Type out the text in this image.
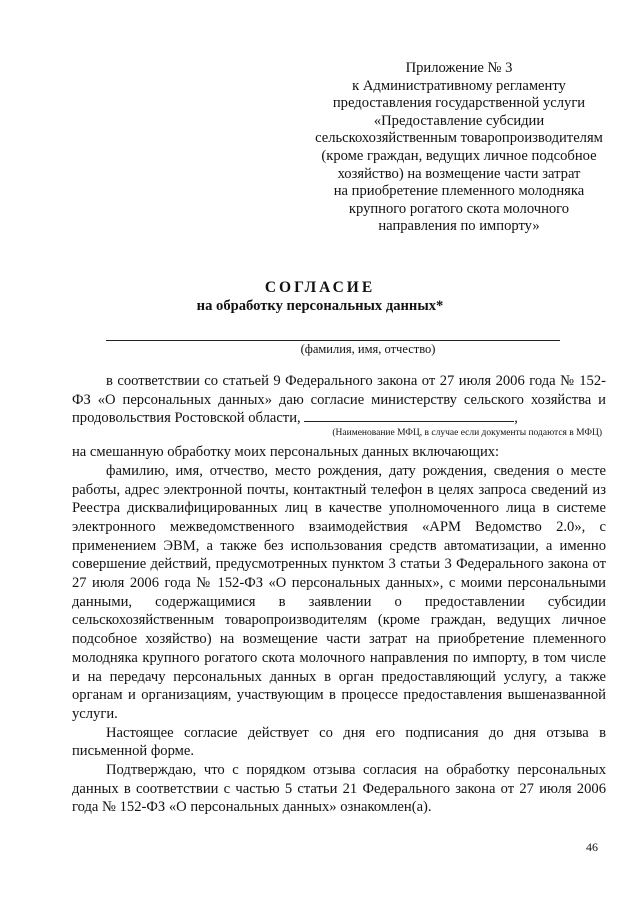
Приложение № 3
к Административному регламенту
предоставления государственной услуги
«Предоставление субсидии
сельскохозяйственным товаропроизводителям
(кроме граждан, ведущих личное подсобное
хозяйство) на возмещение части затрат
на приобретение племенного молодняка
крупного рогатого скота молочного
направления по импорту»
СОГЛАСИЕ
на обработку персональных данных*
(фамилия, имя, отчество)

в соответствии со статьей 9 Федерального закона от 27 июля 2006 года № 152-ФЗ «О персональных данных» даю согласие министерству сельского хозяйства и продовольствия Ростовской области,	,

(Наименование МФЦ, в случае если документы подаются в МФЦ)

на смешанную обработку моих персональных данных включающих:

фамилию, имя, отчество, место рождения, дату рождения, сведения о месте работы, адрес электронной почты, контактный телефон в целях запроса сведений из Реестра дисквалифицированных лиц в качестве уполномоченного лица в системе электронного межведомственного взаимодействия «АРМ Ведомство 2.0», с применением ЭВМ, а также без использования средств автоматизации, а именно совершение действий, предусмотренных пунктом 3 статьи 3 Федерального закона от 27 июля 2006 года № 152-ФЗ «О персональных данных», с моими персональными данными, содержащимися в заявлении о предоставлении субсидии сельскохозяйственным товаропроизводителям (кроме граждан, ведущих личное подсобное хозяйство) на возмещение части затрат на приобретение племенного молодняка крупного рогатого скота молочного направления по импорту, в том числе и на передачу персональных данных в орган предоставляющий услугу, а также органам и организациям, участвующим в процессе предоставления вышеназванной услуги.

Настоящее согласие действует со дня его подписания до дня отзыва в письменной форме.

Подтверждаю, что с порядком отзыва согласия на обработку персональных данных в соответствии с частью 5 статьи 21 Федерального закона от 27 июля 2006 года № 152-ФЗ «О персональных данных» ознакомлен(а).

46
